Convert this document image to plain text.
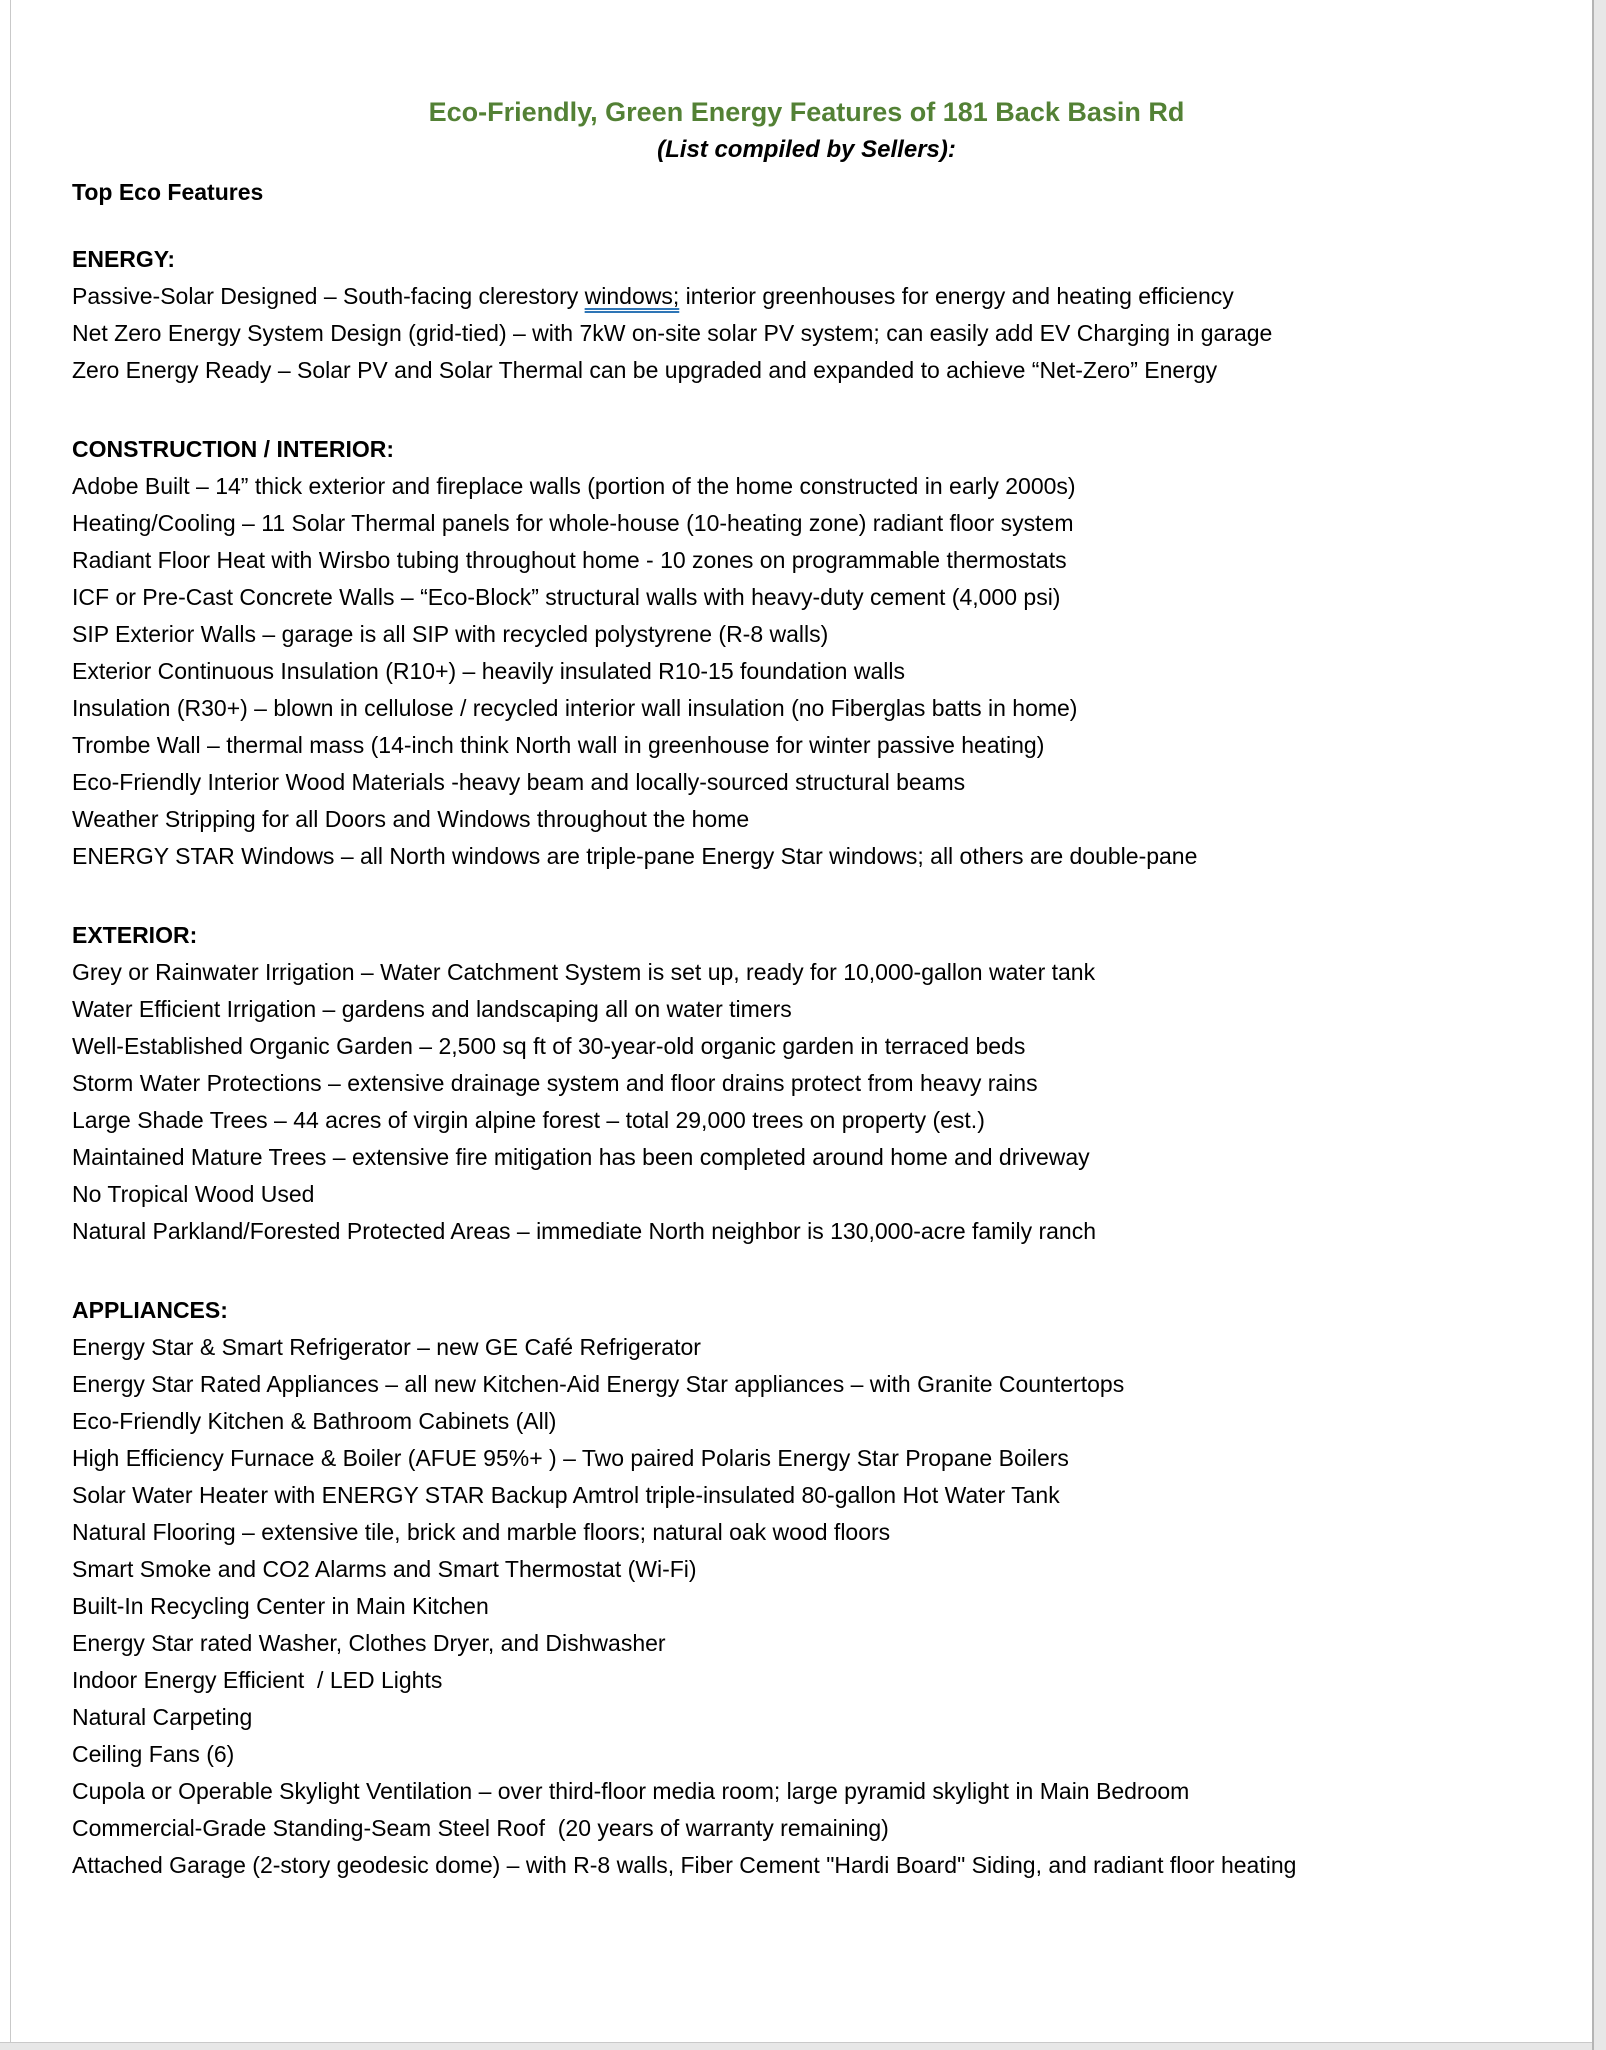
Eco-Friendly, Green Energy Features of 181 Back Basin Rd
(List compiled by Sellers):
Top Eco Features
ENERGY:
Passive-Solar Designed – South-facing clerestory windows; interior greenhouses for energy and heating efficiency
Net Zero Energy System Design (grid-tied) – with 7kW on-site solar PV system; can easily add EV Charging in garage
Zero Energy Ready – Solar PV and Solar Thermal can be upgraded and expanded to achieve “Net-Zero” Energy
CONSTRUCTION / INTERIOR:
Adobe Built – 14” thick exterior and fireplace walls (portion of the home constructed in early 2000s)
Heating/Cooling – 11 Solar Thermal panels for whole-house (10-heating zone) radiant floor system
Radiant Floor Heat with Wirsbo tubing throughout home - 10 zones on programmable thermostats
ICF or Pre-Cast Concrete Walls – “Eco-Block” structural walls with heavy-duty cement (4,000 psi)
SIP Exterior Walls – garage is all SIP with recycled polystyrene (R-8 walls)
Exterior Continuous Insulation (R10+) – heavily insulated R10-15 foundation walls
Insulation (R30+) – blown in cellulose / recycled interior wall insulation (no Fiberglas batts in home)
Trombe Wall – thermal mass (14-inch think North wall in greenhouse for winter passive heating)
Eco-Friendly Interior Wood Materials -heavy beam and locally-sourced structural beams
Weather Stripping for all Doors and Windows throughout the home
ENERGY STAR Windows – all North windows are triple-pane Energy Star windows; all others are double-pane
EXTERIOR:
Grey or Rainwater Irrigation – Water Catchment System is set up, ready for 10,000-gallon water tank
Water Efficient Irrigation – gardens and landscaping all on water timers
Well-Established Organic Garden – 2,500 sq ft of 30-year-old organic garden in terraced beds
Storm Water Protections – extensive drainage system and floor drains protect from heavy rains
Large Shade Trees – 44 acres of virgin alpine forest – total 29,000 trees on property (est.)
Maintained Mature Trees – extensive fire mitigation has been completed around home and driveway
No Tropical Wood Used
Natural Parkland/Forested Protected Areas – immediate North neighbor is 130,000-acre family ranch
APPLIANCES:
Energy Star & Smart Refrigerator – new GE Café Refrigerator
Energy Star Rated Appliances – all new Kitchen-Aid Energy Star appliances – with Granite Countertops
Eco-Friendly Kitchen & Bathroom Cabinets (All)
High Efficiency Furnace & Boiler (AFUE 95%+ ) – Two paired Polaris Energy Star Propane Boilers
Solar Water Heater with ENERGY STAR Backup Amtrol triple-insulated 80-gallon Hot Water Tank
Natural Flooring – extensive tile, brick and marble floors; natural oak wood floors
Smart Smoke and CO2 Alarms and Smart Thermostat (Wi-Fi)
Built-In Recycling Center in Main Kitchen
Energy Star rated Washer, Clothes Dryer, and Dishwasher
Indoor Energy Efficient  / LED Lights
Natural Carpeting
Ceiling Fans (6)
Cupola or Operable Skylight Ventilation – over third-floor media room; large pyramid skylight in Main Bedroom
Commercial-Grade Standing-Seam Steel Roof  (20 years of warranty remaining)
Attached Garage (2-story geodesic dome) – with R-8 walls, Fiber Cement "Hardi Board" Siding, and radiant floor heating
